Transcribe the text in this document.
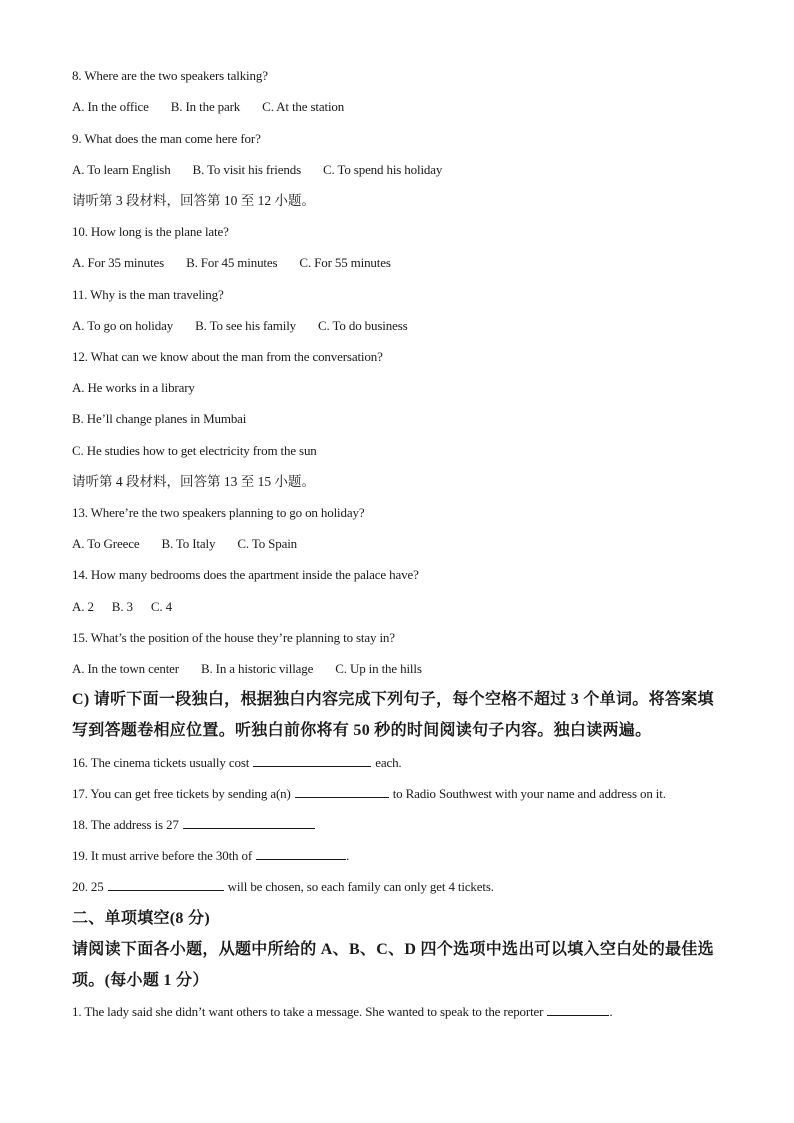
8. Where are the two speakers talking?
A. In the office B. In the park C. At the station
9. What does the man come here for?
A. To learn English B. To visit his friends C. To spend his holiday
请听第 3 段材料，回答第 10 至 12 小题。
10. How long is the plane late?
A. For 35 minutes B. For 45 minutes C. For 55 minutes
11. Why is the man traveling?
A. To go on holiday B. To see his family C. To do business
12. What can we know about the man from the conversation?
A. He works in a library
B. He’ll change planes in Mumbai
C. He studies how to get electricity from the sun
请听第 4 段材料，回答第 13 至 15 小题。
13. Where’re the two speakers planning to go on holiday?
A. To Greece B. To Italy C. To Spain
14. How many bedrooms does the apartment inside the palace have?
A. 2 B. 3 C. 4
15. What’s the position of the house they’re planning to stay in?
A. In the town center B. In a historic village C. Up in the hills
C) 请听下面一段独白，根据独白内容完成下列句子，每个空格不超过 3 个单词。将答案填
写到答题卷相应位置。听独白前你将有 50 秒的时间阅读句子内容。独白读两遍。
16. The cinema tickets usually cost	each.
17. You can get free tickets by sending a(n)	to Radio Southwest with your name and address on it.
18. The address is 27
19. It must arrive before the 30th of	.
20. 25	will be chosen, so each family can only get 4 tickets.
二、单项填空(8 分)
请阅读下面各小题，从题中所给的 A、B、C、D 四个选项中选出可以填入空白处的最佳选
项。(每小题 1 分）
1. The lady said she didn’t want others to take a message. She wanted to speak to the reporter	.
